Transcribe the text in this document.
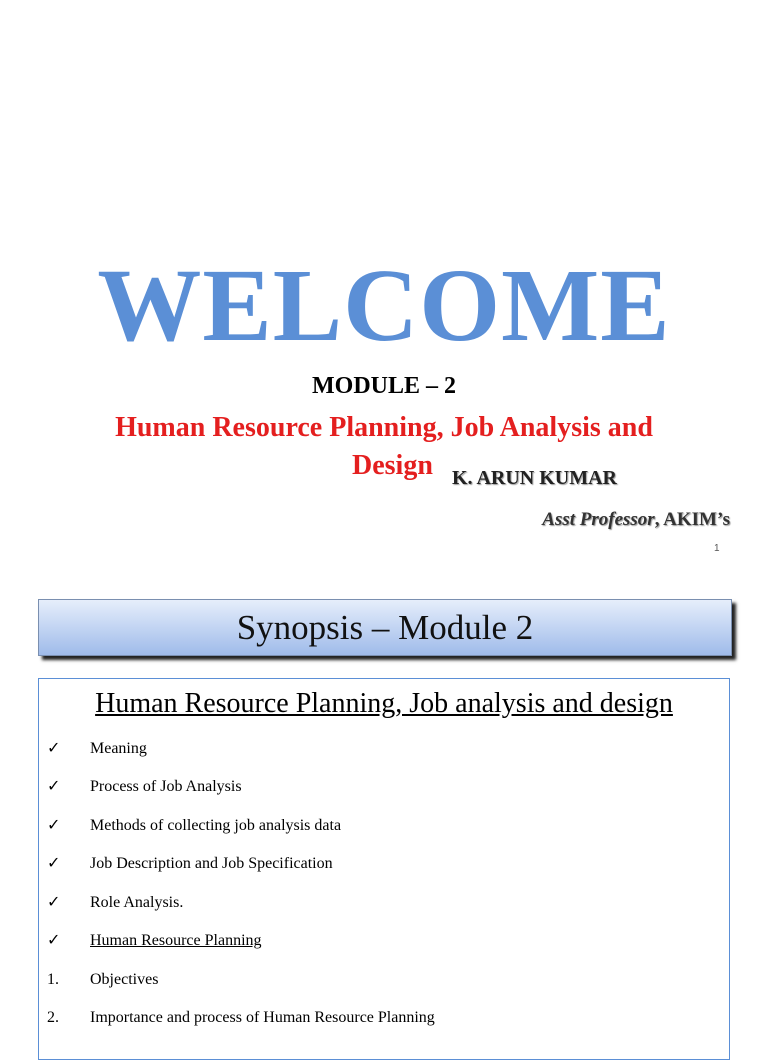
WELCOME
MODULE – 2
Human Resource Planning, Job Analysis and
Design K. ARUN KUMAR
Asst Professor, AKIM’s
1
Synopsis – Module 2
Human Resource Planning, Job analysis and design
✓	Meaning
✓	Process of Job Analysis
✓	Methods of collecting job analysis data
✓	Job Description and Job Specification
✓	Role Analysis.
✓	Human Resource Planning
1.	Objectives
2.	Importance and process of Human Resource Planning
